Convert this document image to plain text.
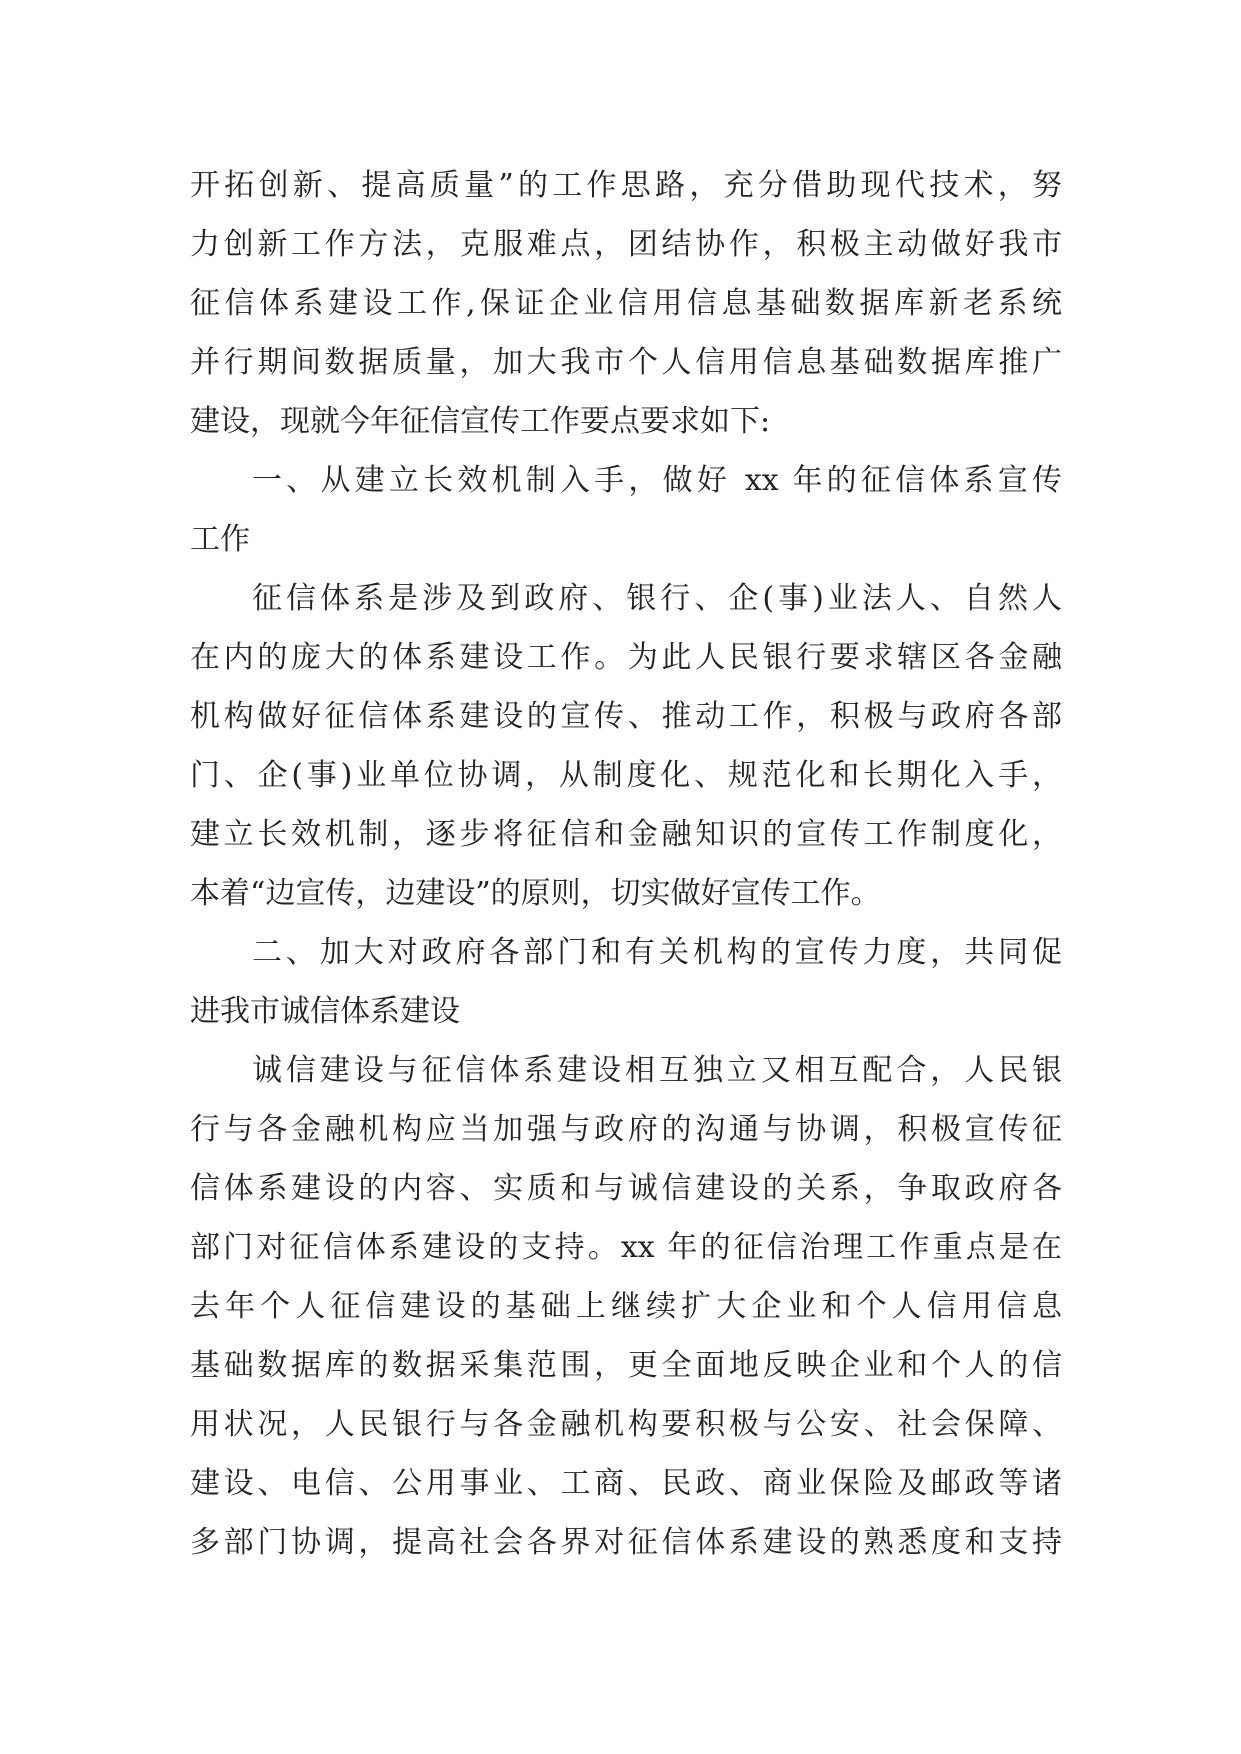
开拓创新、提高质量”的工作思路，充分借助现代技术，努
力创新工作方法，克服难点，团结协作，积极主动做好我市
征信体系建设工作,保证企业信用信息基础数据库新老系统
并行期间数据质量，加大我市个人信用信息基础数据库推广
建设，现就今年征信宣传工作要点要求如下:
一、从建立长效机制入手，做好 xx 年的征信体系宣传
工作
征信体系是涉及到政府、银行、企(事)业法人、自然人
在内的庞大的体系建设工作。为此人民银行要求辖区各金融
机构做好征信体系建设的宣传、推动工作，积极与政府各部
门、企(事)业单位协调，从制度化、规范化和长期化入手，
建立长效机制，逐步将征信和金融知识的宣传工作制度化，
本着“边宣传，边建设”的原则，切实做好宣传工作。
二、加大对政府各部门和有关机构的宣传力度，共同促
进我市诚信体系建设
诚信建设与征信体系建设相互独立又相互配合，人民银
行与各金融机构应当加强与政府的沟通与协调，积极宣传征
信体系建设的内容、实质和与诚信建设的关系，争取政府各
部门对征信体系建设的支持。xx 年的征信治理工作重点是在
去年个人征信建设的基础上继续扩大企业和个人信用信息
基础数据库的数据采集范围，更全面地反映企业和个人的信
用状况，人民银行与各金融机构要积极与公安、社会保障、
建设、电信、公用事业、工商、民政、商业保险及邮政等诸
多部门协调，提高社会各界对征信体系建设的熟悉度和支持
